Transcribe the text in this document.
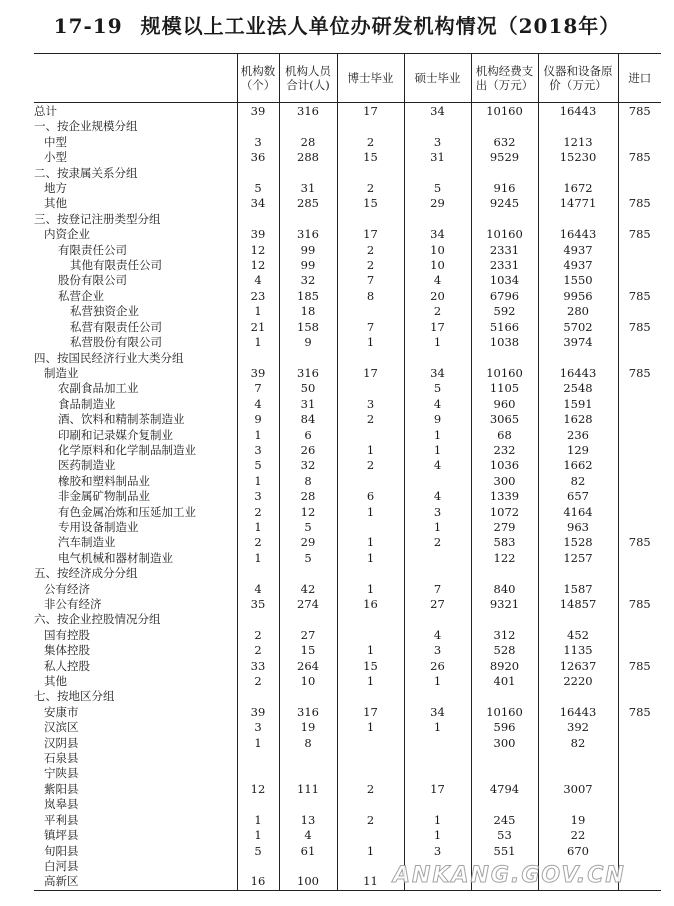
17-19 规模以上工业法人单位办研发机构情况（2018年）
	机构数（个）	机构人员合计(人)	博士毕业	硕士毕业	机构经费支出（万元）	仪器和设备原价（万元）	进口
总计	39	316	17	34	10160	16443	785
一、按企业规模分组							
中型	3	28	2	3	632	1213	
小型	36	288	15	31	9529	15230	785
二、按隶属关系分组							
地方	5	31	2	5	916	1672	
其他	34	285	15	29	9245	14771	785
三、按登记注册类型分组							
内资企业	39	316	17	34	10160	16443	785
有限责任公司	12	99	2	10	2331	4937	
其他有限责任公司	12	99	2	10	2331	4937	
股份有限公司	4	32	7	4	1034	1550	
私营企业	23	185	8	20	6796	9956	785
私营独资企业	1	18		2	592	280	
私营有限责任公司	21	158	7	17	5166	5702	785
私营股份有限公司	1	9	1	1	1038	3974	
四、按国民经济行业大类分组							
制造业	39	316	17	34	10160	16443	785
农副食品加工业	7	50		5	1105	2548	
食品制造业	4	31	3	4	960	1591	
酒、饮料和精制茶制造业	9	84	2	9	3065	1628	
印刷和记录媒介复制业	1	6		1	68	236	
化学原料和化学制品制造业	3	26	1	1	232	129	
医药制造业	5	32	2	4	1036	1662	
橡胶和塑料制品业	1	8			300	82	
非金属矿物制品业	3	28	6	4	1339	657	
有色金属冶炼和压延加工业	2	12	1	3	1072	4164	
专用设备制造业	1	5		1	279	963	
汽车制造业	2	29	1	2	583	1528	785
电气机械和器材制造业	1	5	1		122	1257	
五、按经济成分分组							
公有经济	4	42	1	7	840	1587	
非公有经济	35	274	16	27	9321	14857	785
六、按企业控股情况分组							
国有控股	2	27		4	312	452	
集体控股	2	15	1	3	528	1135	
私人控股	33	264	15	26	8920	12637	785
其他	2	10	1	1	401	2220	
七、按地区分组							
安康市	39	316	17	34	10160	16443	785
汉滨区	3	19	1	1	596	392	
汉阴县	1	8			300	82	
石泉县							
宁陕县							
紫阳县	12	111	2	17	4794	3007	
岚皋县							
平利县	1	13	2	1	245	19	
镇坪县	1	4		1	53	22	
旬阳县	5	61	1	3	551	670	
白河县							
高新区	16	100	11				ANKANG.GOV.CN
